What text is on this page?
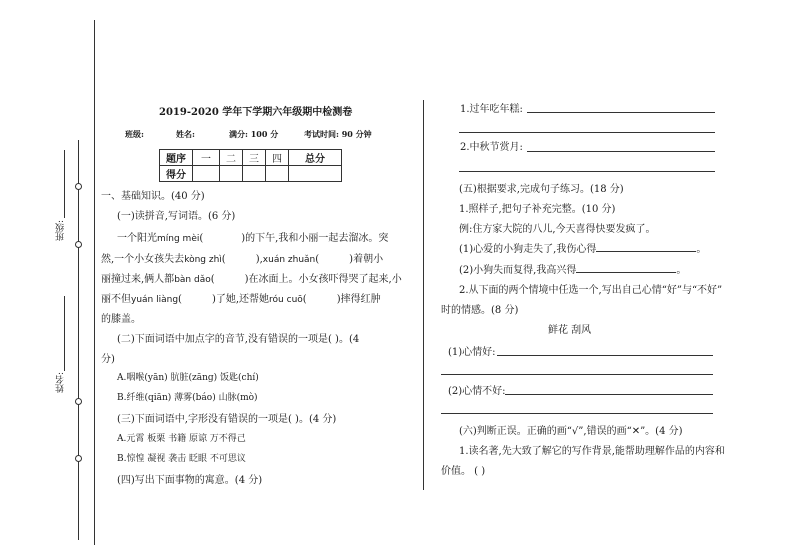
班级:
姓名:
2019-2020 学年下学期六年级期中检测卷
班级:	姓名:	满分: 100 分	考试时间: 90 分钟
题序	一	二	三	四	总分
得分					
一、基础知识。(40 分)
(一)读拼音,写词语。(6 分)
一个阳光míng mèi(	)的下午,我和小丽一起去溜冰。突
然,一个小女孩失去kòng zhì(	),xuán zhuǎn(	)着朝小
丽撞过来,俩人都bàn dǎo(	)在冰面上。小女孩吓得哭了起来,小
丽不但yuán liàng(	)了她,还帮她róu cuō(	)摔得红肿
的膝盖。
(二)下面词语中加点字的音节,没有错误的一项是( )。(4
分)
A.咽喉(yān) 肮脏(zāng) 饭匙(chí)
B.纤维(qiān) 薄雾(báo) 山脉(mò)
(三)下面词语中,字形没有错误的一项是( )。(4 分)
A.元霄 板栗 书籍 原谅 万不得己
B.惊惶 凝视 袭击 眨眼 不可思议
(四)写出下面事物的寓意。(4 分)
1.过年吃年糕:
2.中秋节赏月:
(五)根据要求,完成句子练习。(18 分)
1.照样子,把句子补充完整。(10 分)
例:住方家大院的八儿,今天喜得快要发疯了。
(1)心爱的小狗走失了,我伤心得	。
(2)小狗失而复得,我高兴得	。
2.从下面的两个情境中任选一个,写出自己心情“好”与“不好”
时的情感。(8 分)
鲜花 刮风
(1)心情好:
(2)心情不好:
(六)判断正误。正确的画“√”,错误的画“✕”。(4 分)
1.读名著,先大致了解它的写作背景,能帮助理解作品的内容和
价值。 ( )
